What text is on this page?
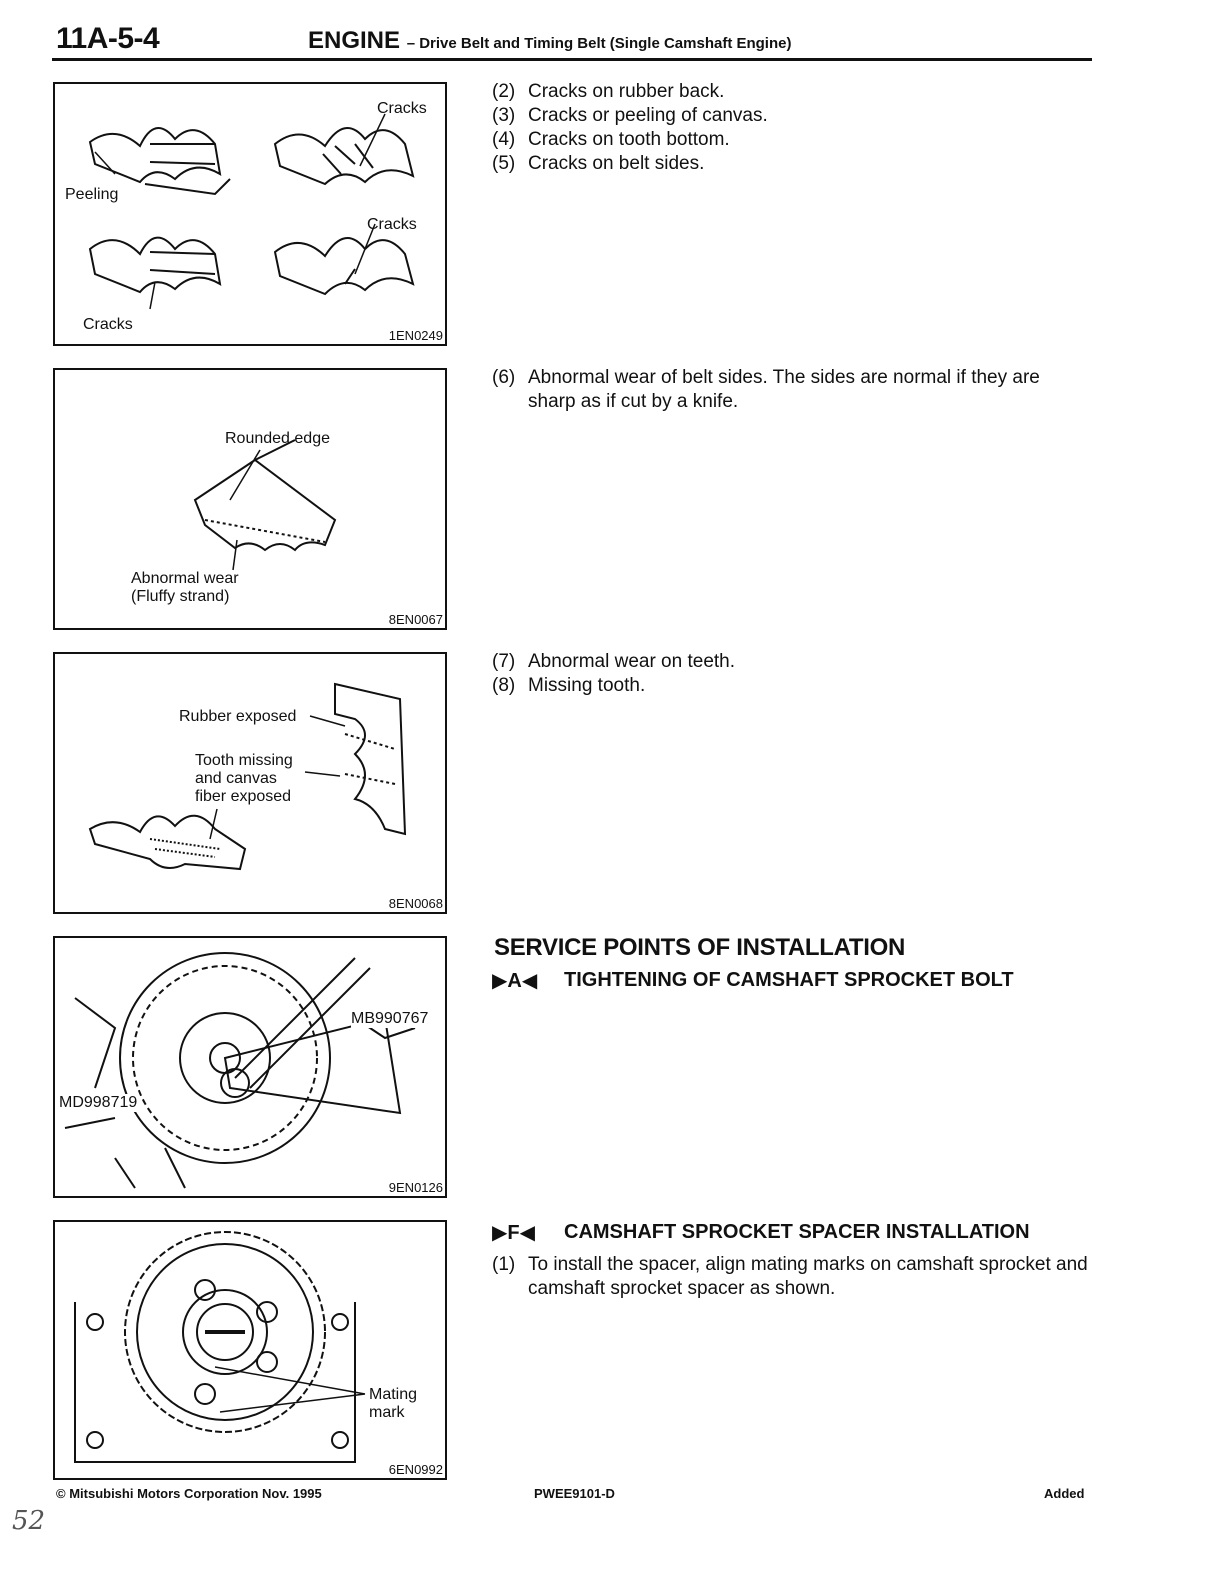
11A-5-4	ENGINE – Drive Belt and Timing Belt (Single Camshaft Engine)
Cracks
Peeling
Cracks
Cracks
1EN0249
Rounded edge
Abnormal wear
(Fluffy strand)
8EN0067
Rubber exposed
Tooth missing
and canvas
fiber exposed
8EN0068
MB990767
MD998719
9EN0126
Mating
mark
6EN0992
(2) Cracks on rubber back.
(3) Cracks or peeling of canvas.
(4) Cracks on tooth bottom.
(5) Cracks on belt sides.
(6) Abnormal wear of belt sides. The sides are normal if they are sharp as if cut by a knife.
(7) Abnormal wear on teeth.
(8) Missing tooth.
SERVICE POINTS OF INSTALLATION
▶A◀	TIGHTENING OF CAMSHAFT SPROCKET BOLT
▶F◀	CAMSHAFT SPROCKET SPACER INSTALLATION
(1) To install the spacer, align mating marks on camshaft sprocket and camshaft sprocket spacer as shown.
© Mitsubishi Motors Corporation Nov. 1995	PWEE9101-D	Added
52
